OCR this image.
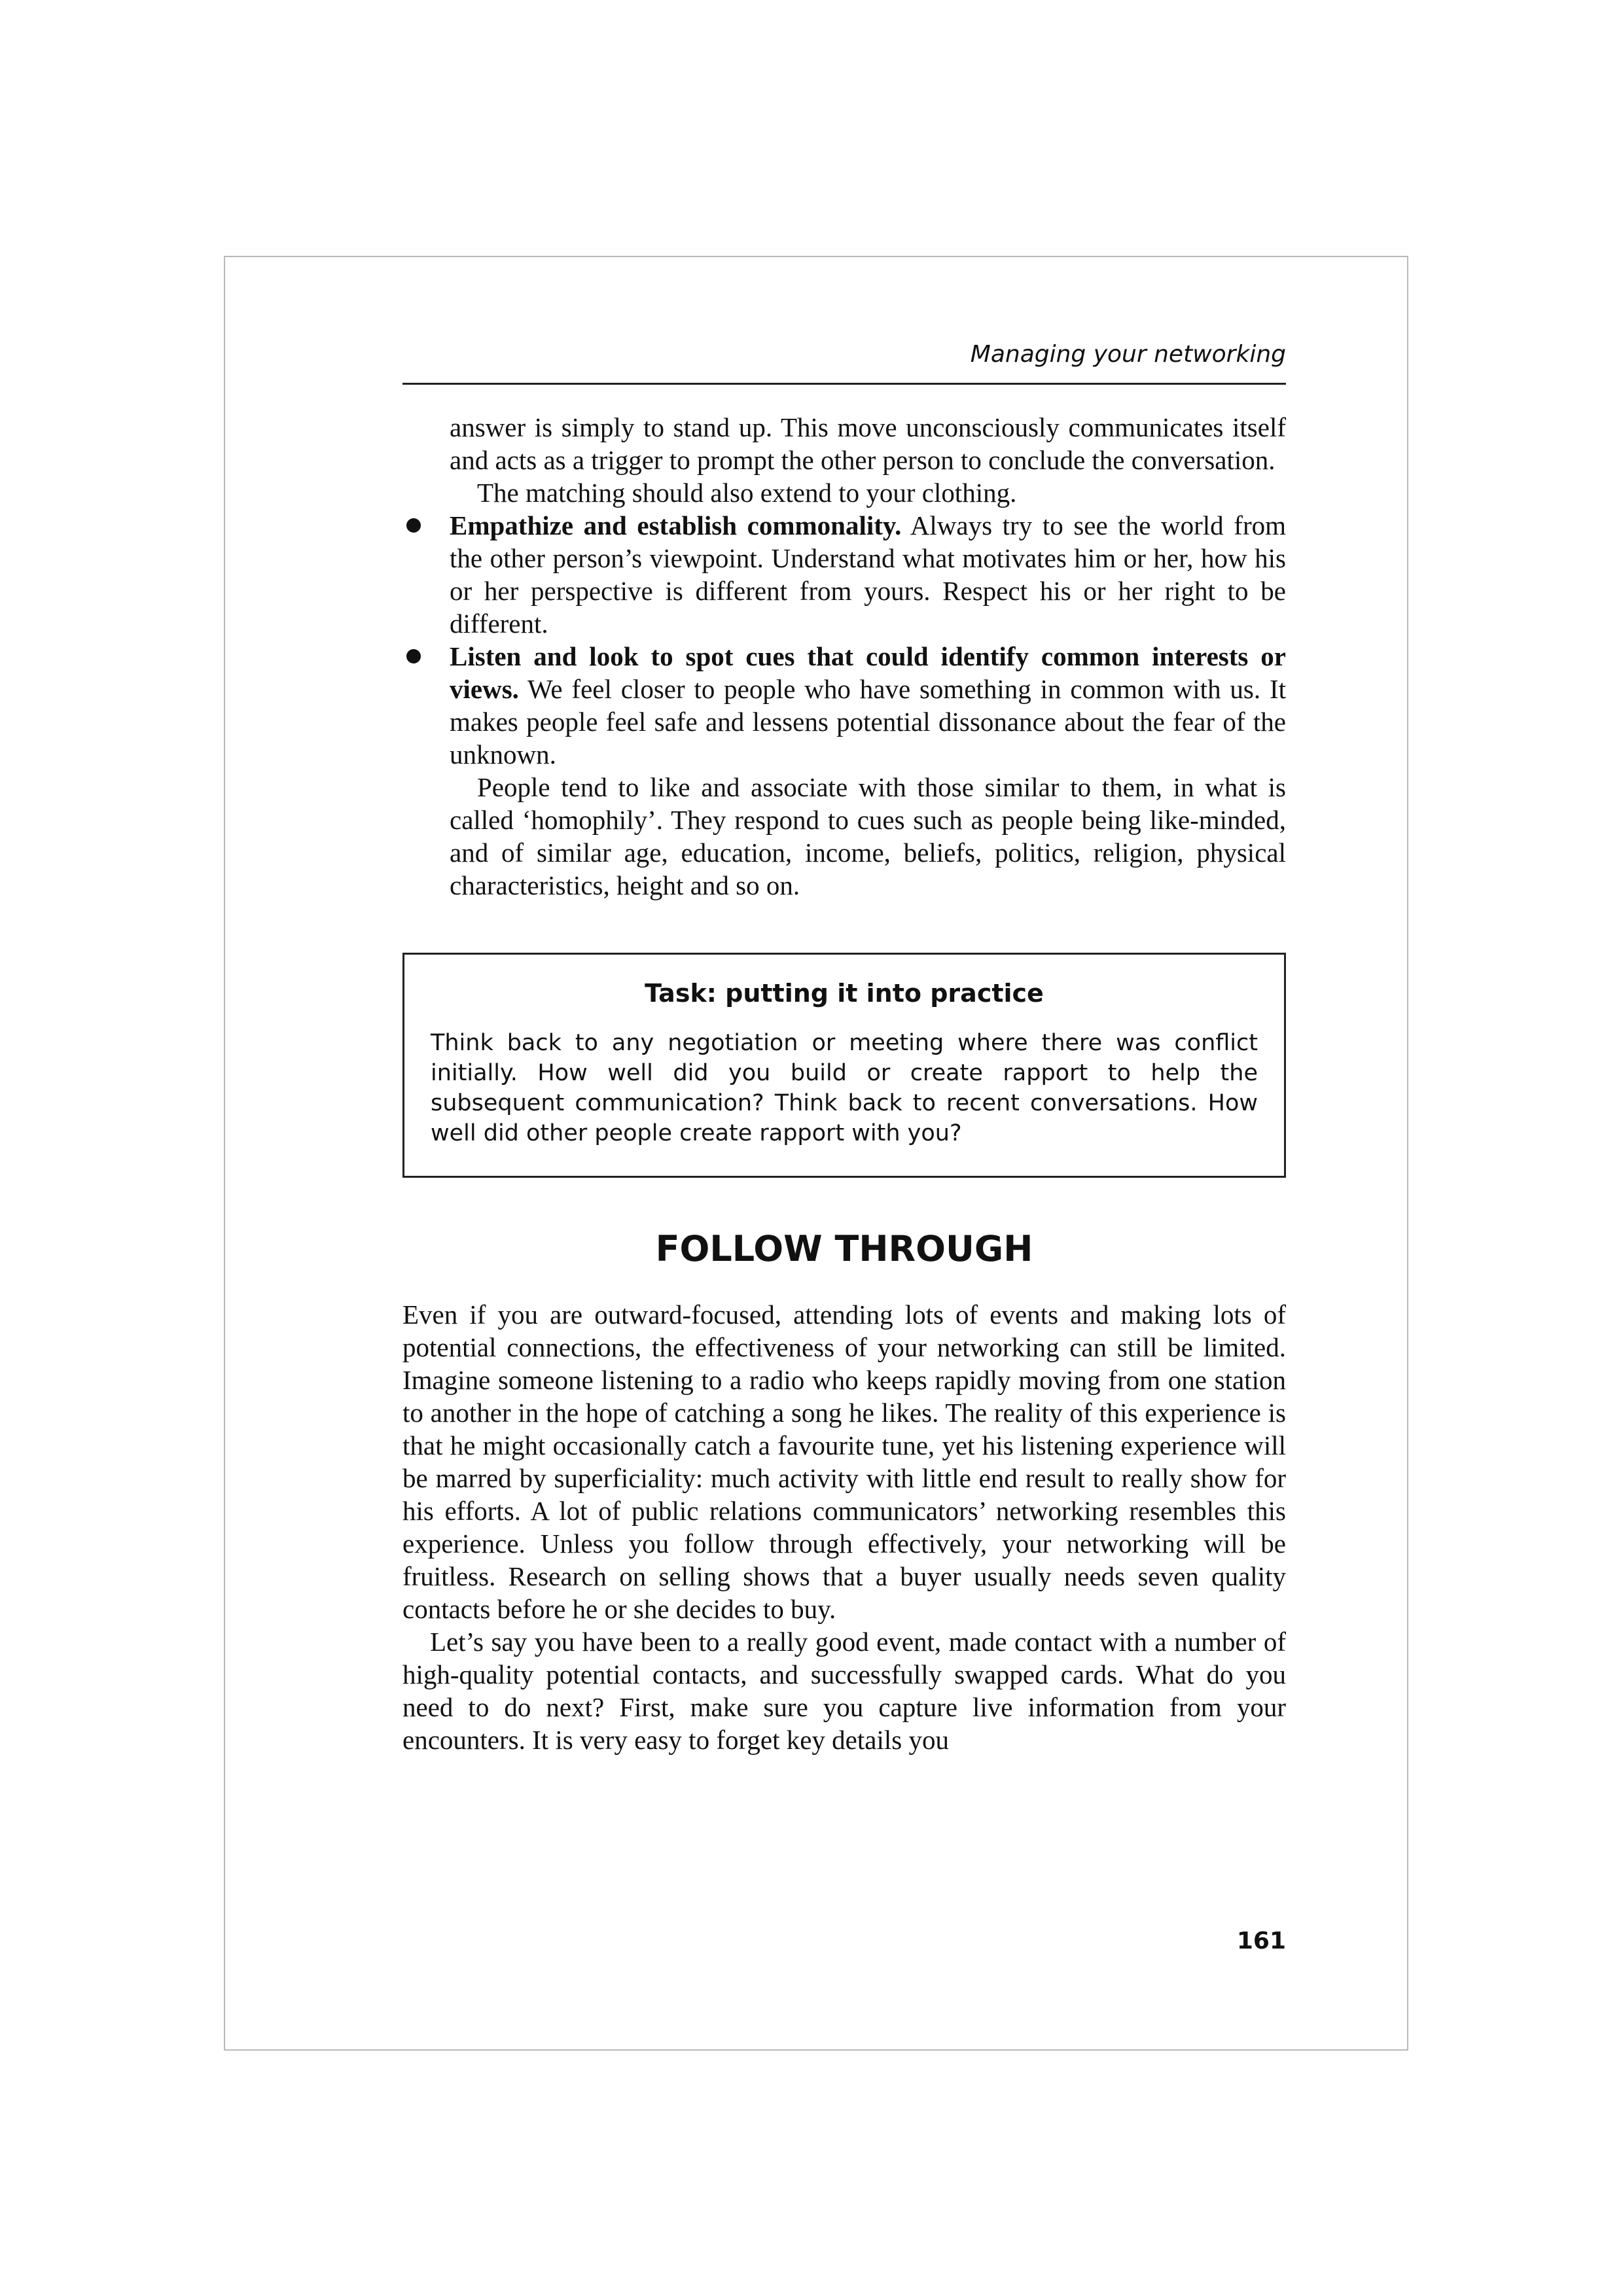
Managing your networking

answer is simply to stand up. This move unconsciously communicates itself and acts as a trigger to prompt the other person to conclude the conversation.

The matching should also extend to your clothing.

Empathize and establish commonality. Always try to see the world from the other person’s viewpoint. Understand what motivates him or her, how his or her perspective is different from yours. Respect his or her right to be different.

Listen and look to spot cues that could identify common interests or views. We feel closer to people who have something in common with us. It makes people feel safe and lessens potential dissonance about the fear of the unknown.

People tend to like and associate with those similar to them, in what is called ‘homophily’. They respond to cues such as people being like-minded, and of similar age, education, income, beliefs, politics, religion, physical characteristics, height and so on.

Task: putting it into practice

Think back to any negotiation or meeting where there was conflict initially. How well did you build or create rapport to help the subsequent communication? Think back to recent conversations. How well did other people create rapport with you?

FOLLOW THROUGH

Even if you are outward-focused, attending lots of events and making lots of potential connections, the effectiveness of your networking can still be limited. Imagine someone listening to a radio who keeps rapidly moving from one station to another in the hope of catching a song he likes. The reality of this experience is that he might occasionally catch a favourite tune, yet his listening experience will be marred by superficiality: much activity with little end result to really show for his efforts. A lot of public relations communicators’ networking resembles this experience. Unless you follow through effectively, your networking will be fruitless. Research on selling shows that a buyer usually needs seven quality contacts before he or she decides to buy.

Let’s say you have been to a really good event, made contact with a number of high-quality potential contacts, and successfully swapped cards. What do you need to do next? First, make sure you capture live information from your encounters. It is very easy to forget key details you

161
